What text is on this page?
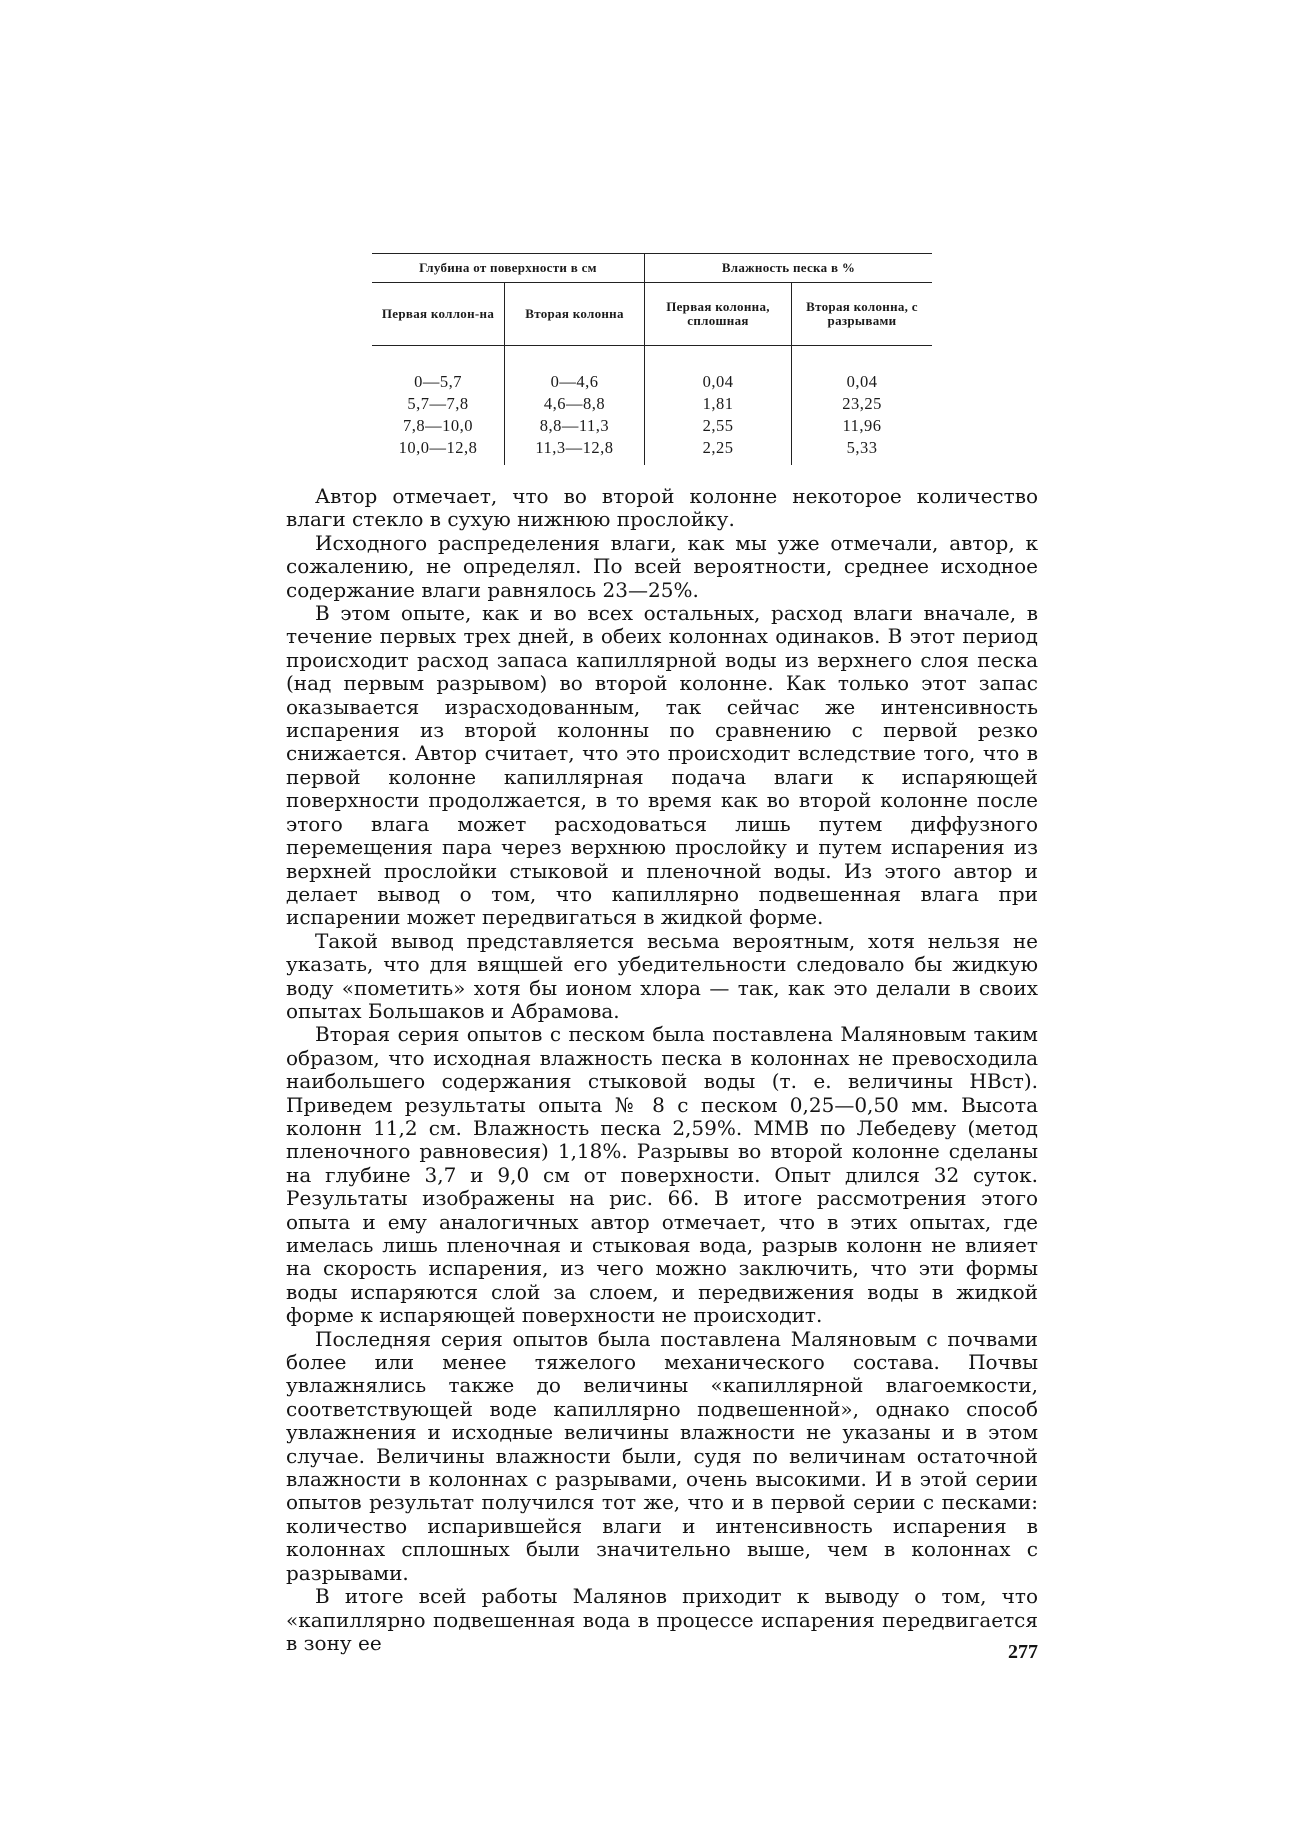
Глубина от поверхности в см		Влажность песка в %	
Первая коллон-на	Вторая колонна	Первая колонна, сплошная	Вторая колонна, с разрывами

0—5,7	0—4,6	0,04	0,04
5,7—7,8	4,6—8,8	1,81	23,25
7,8—10,0	8,8—11,3	2,55	11,96
10,0—12,8	11,3—12,8	2,25	5,33

Автор отмечает, что во второй колонне некоторое количество влаги стекло в сухую нижнюю прослойку.

Исходного распределения влаги, как мы уже отмечали, автор, к сожалению, не определял. По всей вероятности, среднее исходное содержание влаги равнялось 23—25%.

В этом опыте, как и во всех остальных, расход влаги вначале, в течение первых трех дней, в обеих колоннах одинаков. В этот период происходит расход запаса капиллярной воды из верхнего слоя песка (над первым разрывом) во второй колонне. Как только этот запас оказывается израсходованным, так сейчас же интенсивность испарения из второй колонны по сравнению с первой резко снижается. Автор считает, что это происходит вследствие того, что в первой колонне капиллярная подача влаги к испаряющей поверхности продолжается, в то время как во второй колонне после этого влага может расходоваться лишь путем диффузного перемещения пара через верхнюю прослойку и путем испарения из верхней прослойки стыковой и пленочной воды. Из этого автор и делает вывод о том, что капиллярно подвешенная влага при испарении может передвигаться в жидкой форме.

Такой вывод представляется весьма вероятным, хотя нельзя не указать, что для вящшей его убедительности следовало бы жидкую воду «пометить» хотя бы ионом хлора — так, как это делали в своих опытах Большаков и Абрамова.

Вторая серия опытов с песком была поставлена Маляновым таким образом, что исходная влажность песка в колоннах не превосходила наибольшего содержания стыковой воды (т. е. величины НВст). Приведем результаты опыта № 8 с песком 0,25—0,50 мм. Высота колонн 11,2 см. Влажность песка 2,59%. ММВ по Лебедеву (метод пленочного равновесия) 1,18%. Разрывы во второй колонне сделаны на глубине 3,7 и 9,0 см от поверхности. Опыт длился 32 суток. Результаты изображены на рис. 66. В итоге рассмотрения этого опыта и ему аналогичных автор отмечает, что в этих опытах, где имелась лишь пленочная и стыковая вода, разрыв колонн не влияет на скорость испарения, из чего можно заключить, что эти формы воды испаряются слой за слоем, и передвижения воды в жидкой форме к испаряющей поверхности не происходит.

Последняя серия опытов была поставлена Маляновым с почвами более или менее тяжелого механического состава. Почвы увлажнялись также до величины «капиллярной влагоемкости, соответствующей воде капиллярно подвешенной», однако способ увлажнения и исходные величины влажности не указаны и в этом случае. Величины влажности были, судя по величинам остаточной влажности в колоннах с разрывами, очень высокими. И в этой серии опытов результат получился тот же, что и в первой серии с песками: количество испарившейся влаги и интенсивность испарения в колоннах сплошных были значительно выше, чем в колоннах с разрывами.

В итоге всей работы Малянов приходит к выводу о том, что «капиллярно подвешенная вода в процессе испарения передвигается в зону ее	277
